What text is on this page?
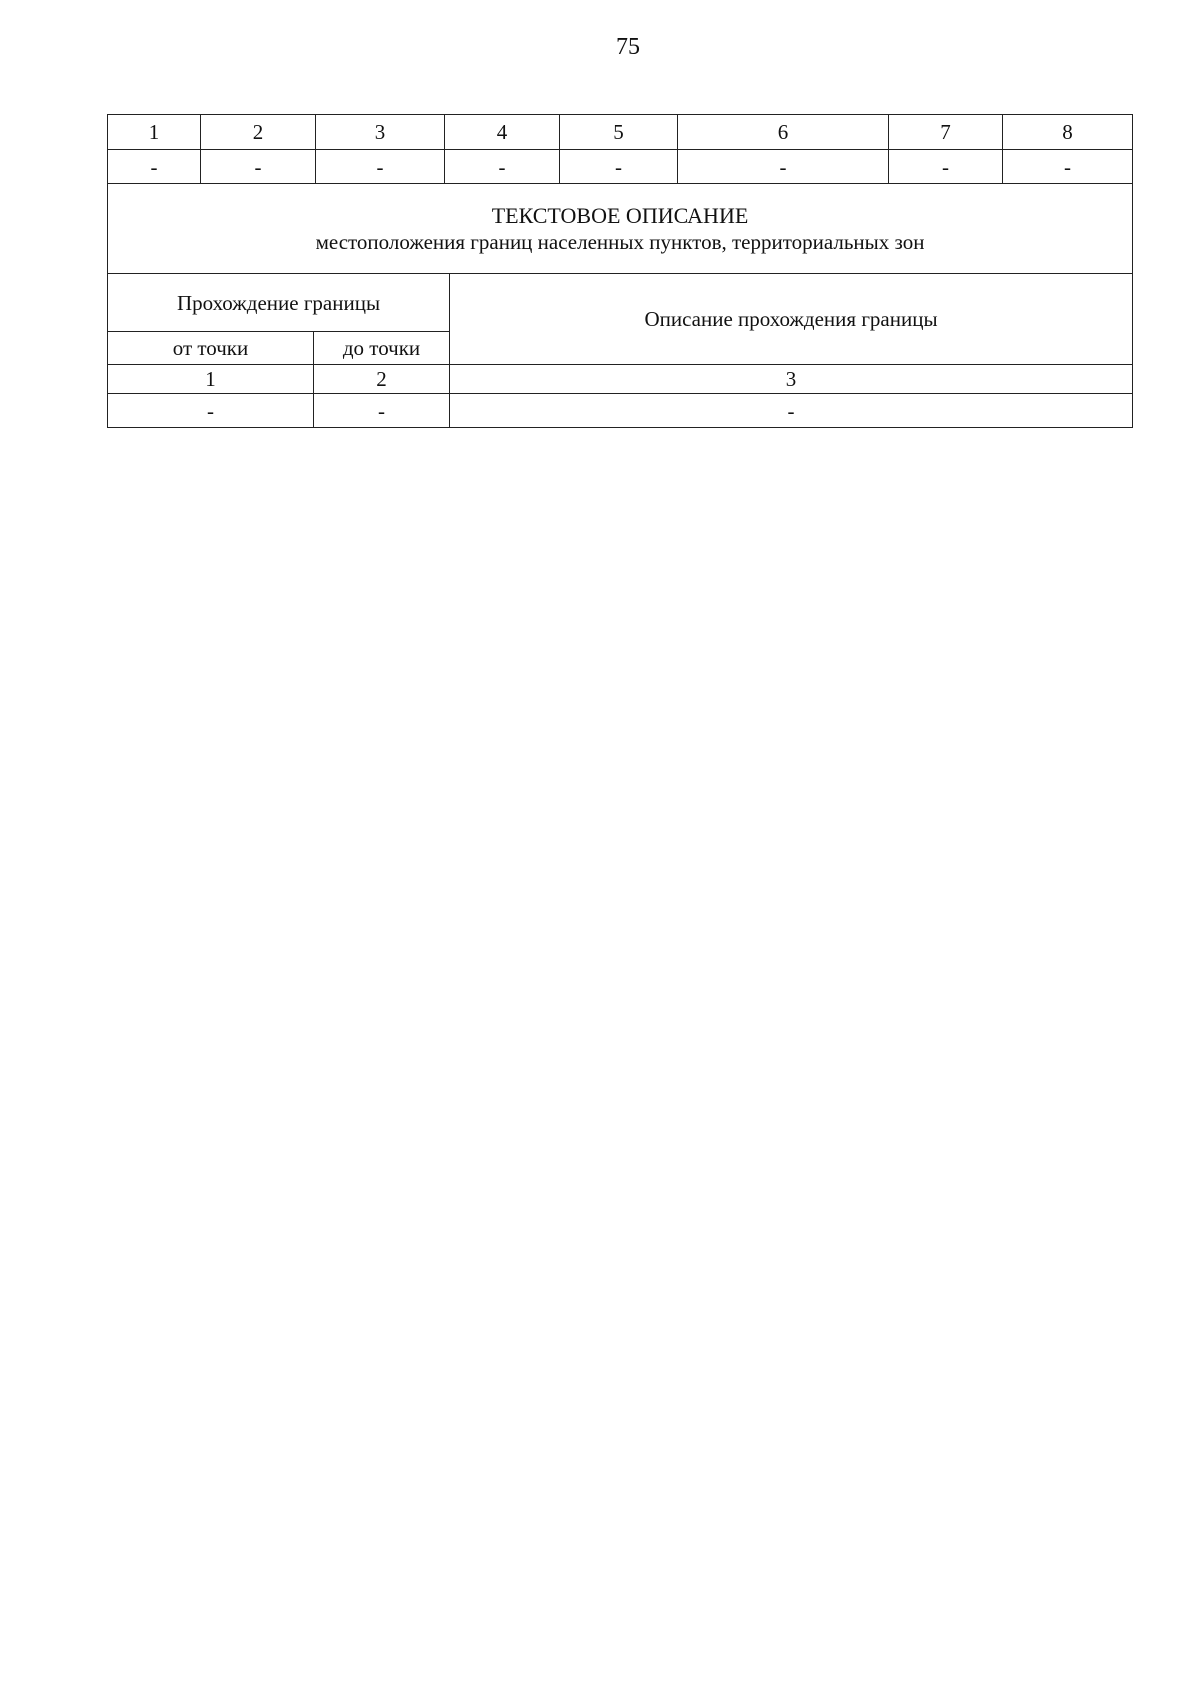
75
1	2	3	4	5	6	7	8
-	-	-	-	-	-	-	-

ТЕКСТОВОЕ ОПИСАНИЕ
местоположения границ населенных пунктов, территориальных зон							
Прохождение границы		Описание прохождения границы
от точки	до точки	
1	2	3
-	-	-
